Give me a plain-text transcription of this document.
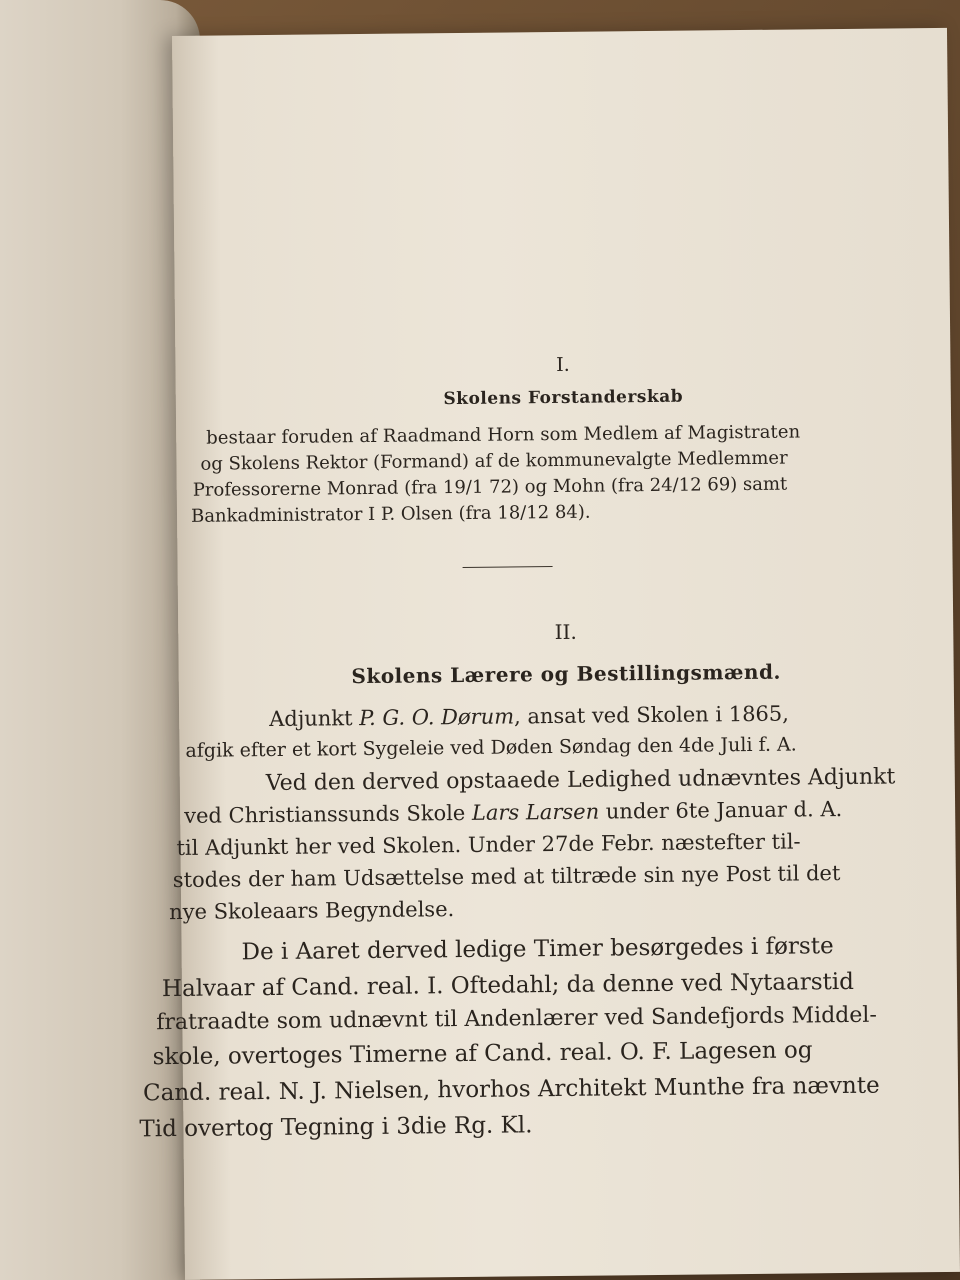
I.
Skolens Forstanderskab
bestaar foruden af Raadmand Horn som Medlem af Magistraten
og Skolens Rektor (Formand) af de kommunevalgte Medlemmer
Professorerne Monrad (fra 19/1 72) og Mohn (fra 24/12 69) samt
Bankadministrator I P. Olsen (fra 18/12 84).
II.
Skolens Lærere og Bestillingsmænd.
Adjunkt P. G. O. Dørum, ansat ved Skolen i 1865,
afgik efter et kort Sygeleie ved Døden Søndag den 4de Juli f. A.
Ved den derved opstaaede Ledighed udnævntes Adjunkt
ved Christianssunds Skole Lars Larsen under 6te Januar d. A.
til Adjunkt her ved Skolen. Under 27de Febr. næstefter til-
stodes der ham Udsættelse med at tiltræde sin nye Post til det
nye Skoleaars Begyndelse.
De i Aaret derved ledige Timer besørgedes i første
Halvaar af Cand. real. I. Oftedahl; da denne ved Nytaarstid
fratraadte som udnævnt til Andenlærer ved Sandefjords Middel-
skole, overtoges Timerne af Cand. real. O. F. Lagesen og
Cand. real. N. J. Nielsen, hvorhos Architekt Munthe fra nævnte
Tid overtog Tegning i 3die Rg. Kl.
